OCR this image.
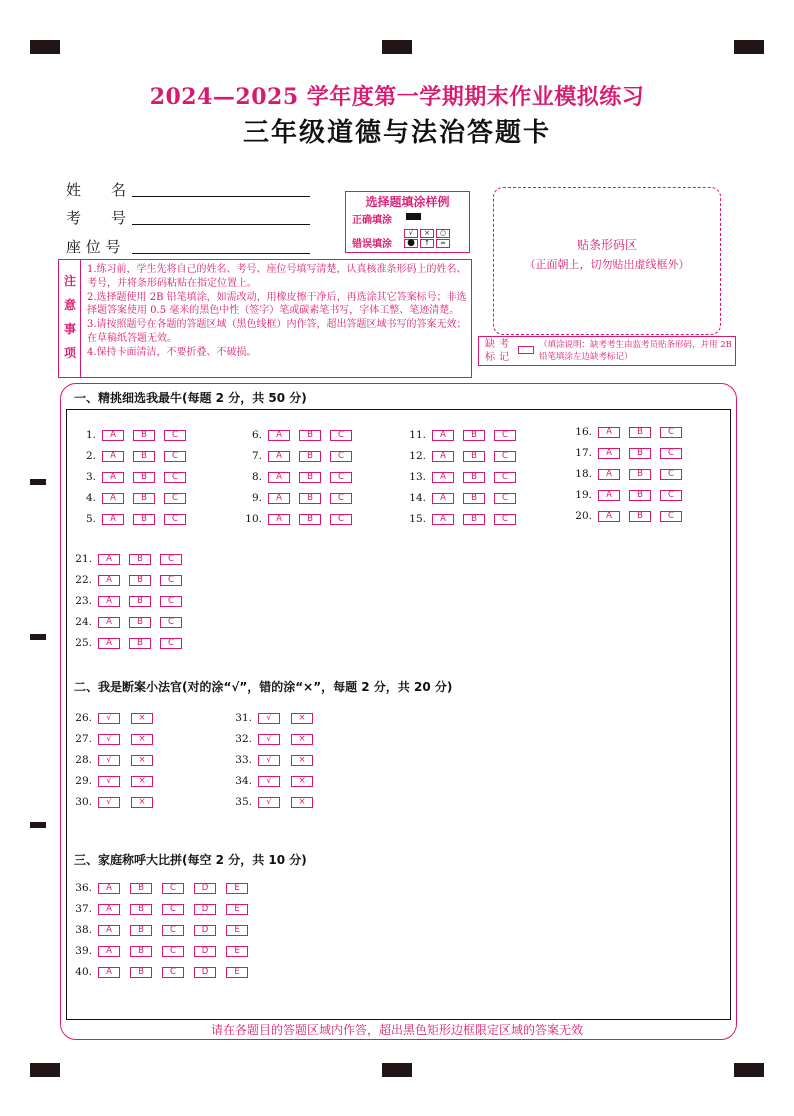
2024—2025 学年度第一学期期末作业模拟练习
三年级道德与法治答题卡
姓　　名
考　　号
座 位 号
选择题填涂样例
正确填涂
错误填涂
√ × ○
● ↑ ═	贴条形码区
（正面朝上，切勿贴出虚线框外）
注
意
事
项
1.练习前，学生先将自己的姓名、考号、座位号填写清楚，认真核准条形码上的姓名、考号，并将条形码粘贴在指定位置上。
2.选择题使用 2B 铅笔填涂，如需改动，用橡皮擦干净后，再选涂其它答案标号；非选择题答案使用 0.5 毫米的黑色中性（签字）笔或碳素笔书写，字体工整、笔迹清楚。
3.请按照题号在各题的答题区域（黑色线框）内作答，超出答题区域书写的答案无效；在草稿纸答题无效。
4.保持卡面清洁，不要折叠、不破损。
缺考标记
（填涂说明：缺考考生由监考员贴条形码，并用 2B 铅笔填涂左边缺考标记）
一、精挑细选我最牛(每题 2 分，共 50 分)
二、我是断案小法官(对的涂“√”，错的涂“×”，每题 2 分，共 20 分)
三、家庭称呼大比拼(每空 2 分，共 10 分)
1.	A	B	C
2.	A	B	C
3.	A	B	C
4.	A	B	C
5.	A	B	C
6.	A	B	C
7.	A	B	C
8.	A	B	C
9.	A	B	C
10.	A	B	C
11.	A	B	C
12.	A	B	C
13.	A	B	C
14.	A	B	C
15.	A	B	C
16.	A	B	C
17.	A	B	C
18.	A	B	C
19.	A	B	C
20.	A	B	C
21.	A	B	C
22.	A	B	C
23.	A	B	C
24.	A	B	C
25.	A	B	C
26.	√	×
27.	√	×
28.	√	×
29.	√	×
30.	√	×
31.	√	×
32.	√	×
33.	√	×
34.	√	×
35.	√	×
36.	A	B	C	D	E
37.	A	B	C	D	E
38.	A	B	C	D	E
39.	A	B	C	D	E
40.	A	B	C	D	E
请在各题目的答题区域内作答，超出黑色矩形边框限定区域的答案无效
